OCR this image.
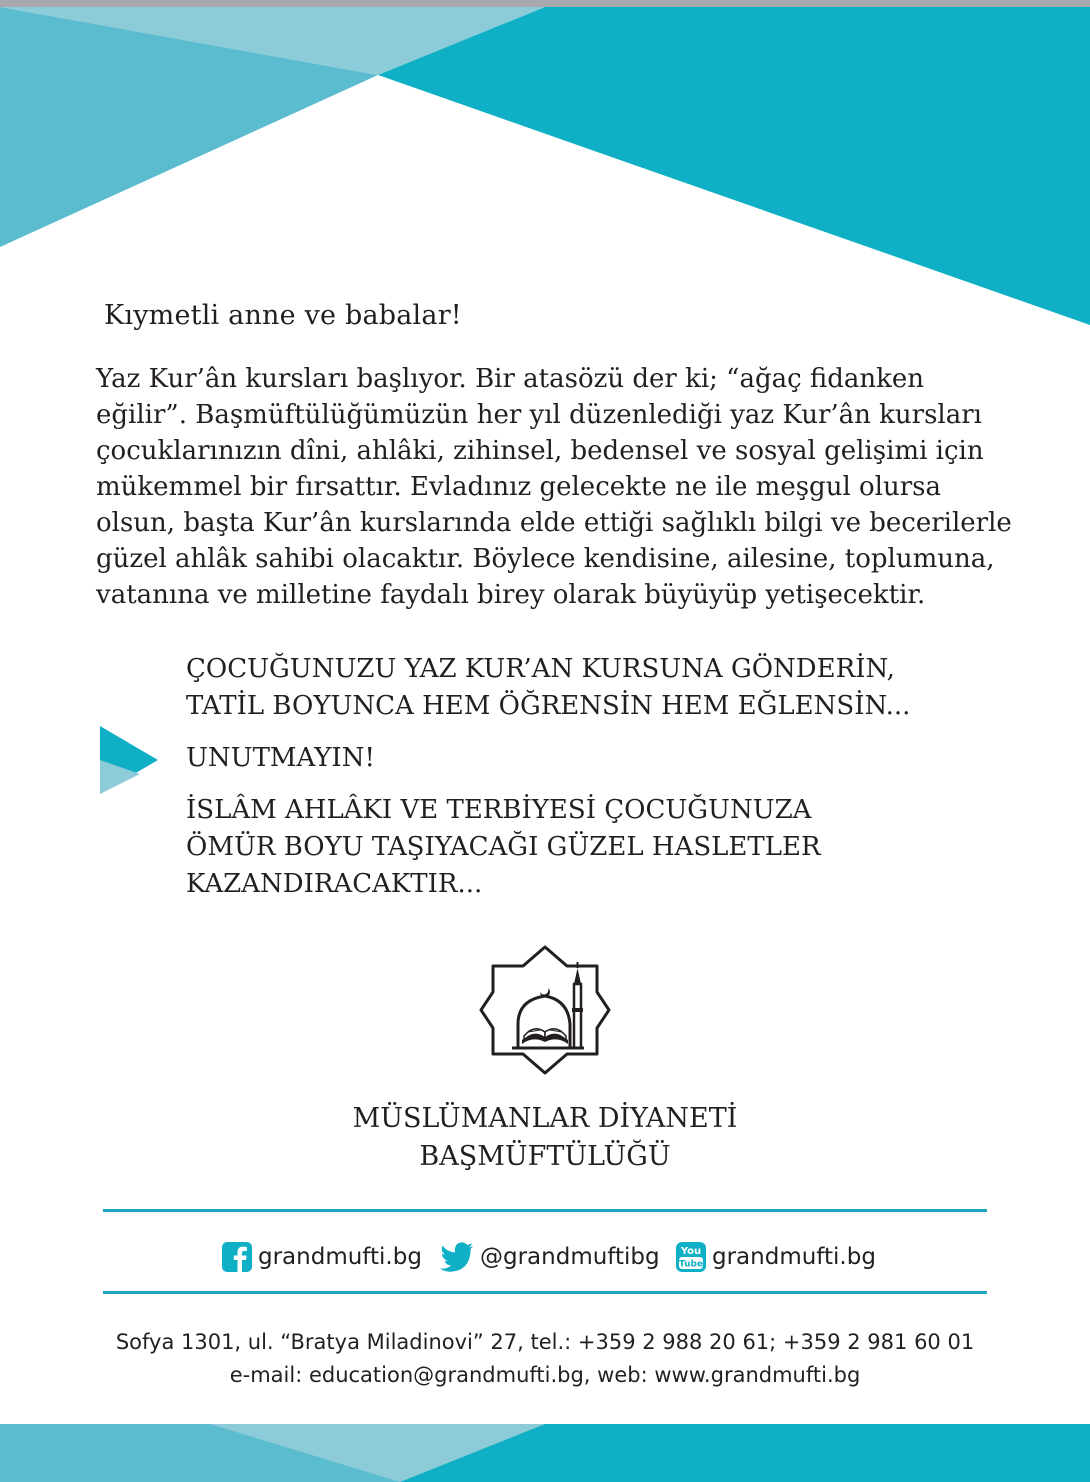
Kıymetli anne ve babalar!
Yaz Kur’ân kursları başlıyor. Bir atasözü der ki; “ağaç fidanken
eğilir”. Başmüftülüğümüzün her yıl düzenlediği yaz Kur’ân kursları
çocuklarınızın dîni, ahlâki, zihinsel, bedensel ve sosyal gelişimi için
mükemmel bir fırsattır. Evladınız gelecekte ne ile meşgul olursa
olsun, başta Kur’ân kurslarında elde ettiği sağlıklı bilgi ve becerilerle
güzel ahlâk sahibi olacaktır. Böylece kendisine, ailesine, toplumuna,
vatanına ve milletine faydalı birey olarak büyüyüp yetişecektir.
ÇOCUĞUNUZU YAZ KUR’AN KURSUNA GÖNDERİN,
TATİL BOYUNCA HEM ÖĞRENSİN HEM EĞLENSİN...
UNUTMAYIN!
İSLÂM AHLÂKI VE TERBİYESİ ÇOCUĞUNUZA
ÖMÜR BOYU TAŞIYACAĞI GÜZEL HASLETLER
KAZANDIRACAKTIR...
MÜSLÜMANLAR DİYANETİ
BAŞMÜFTÜLÜĞÜ
grandmufti.bg	@grandmuftibg You
Tube grandmufti.bg
Sofya 1301, ul. “Bratya Miladinovi” 27, tel.: +359 2 988 20 61; +359 2 981 60 01
e-mail: education@grandmufti.bg, web: www.grandmufti.bg
